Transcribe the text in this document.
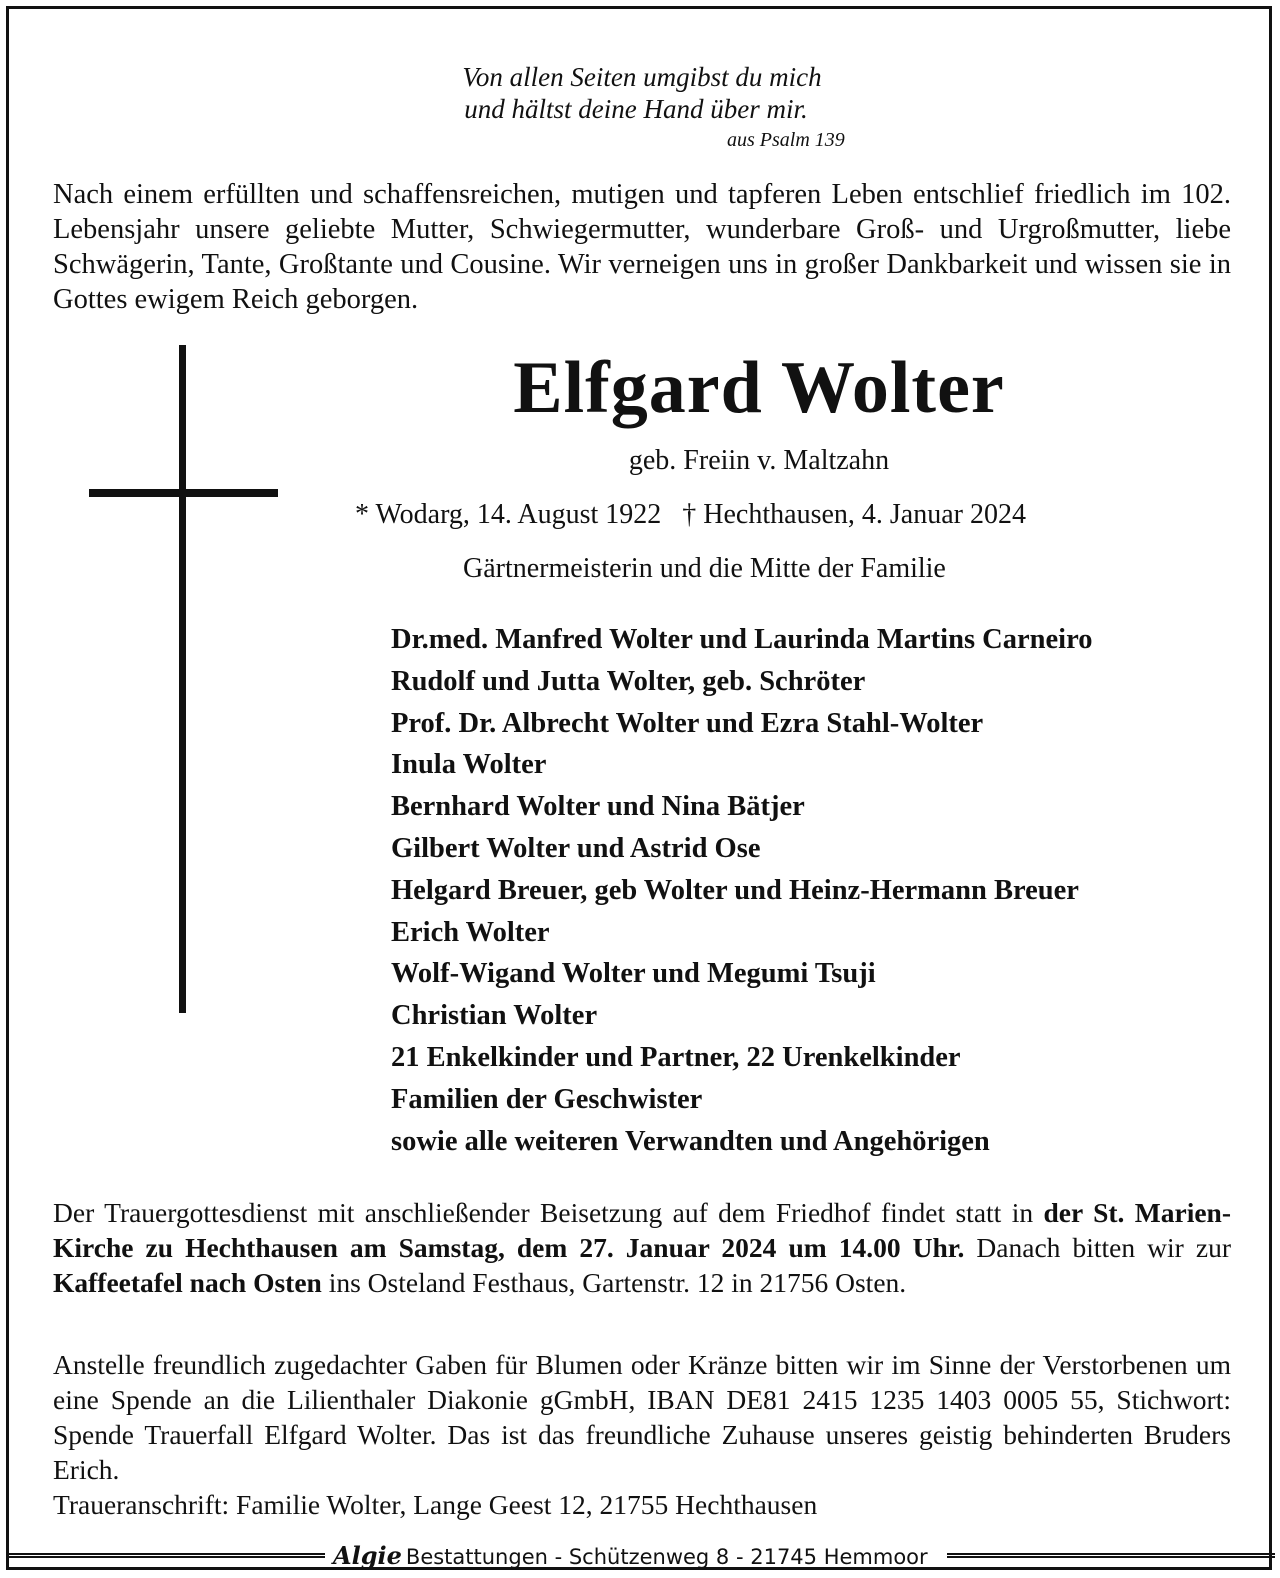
Von allen Seiten umgibst du mich
und hältst deine Hand über mir.
aus Psalm 139
Nach einem erfüllten und schaffensreichen, mutigen und tapferen Leben entschlief friedlich im 102. Lebensjahr unsere geliebte Mutter, Schwiegermutter, wunderbare Groß- und Urgroßmutter, liebe Schwägerin, Tante, Großtante und Cousine. Wir verneigen uns in großer Dankbarkeit und wissen sie in Gottes ewigem Reich geborgen.
Elfgard Wolter
geb. Freiin v. Maltzahn
* Wodarg, 14. August 1922 † Hechthausen, 4. Januar 2024
Gärtnermeisterin und die Mitte der Familie
Dr.med. Manfred Wolter und Laurinda Martins Carneiro
Rudolf und Jutta Wolter, geb. Schröter
Prof. Dr. Albrecht Wolter und Ezra Stahl-Wolter
Inula Wolter
Bernhard Wolter und Nina Bätjer
Gilbert Wolter und Astrid Ose
Helgard Breuer, geb Wolter und Heinz-Hermann Breuer
Erich Wolter
Wolf-Wigand Wolter und Megumi Tsuji
Christian Wolter
21 Enkelkinder und Partner, 22 Urenkelkinder
Familien der Geschwister
sowie alle weiteren Verwandten und Angehörigen
Der Trauergottesdienst mit anschließender Beisetzung auf dem Friedhof findet statt in der St. Marien-Kirche zu Hechthausen am Samstag, dem 27. Januar 2024 um 14.00 Uhr. Danach bitten wir zur Kaffeetafel nach Osten ins Osteland Festhaus, Gartenstr. 12 in 21756 Osten.
Anstelle freundlich zugedachter Gaben für Blumen oder Kränze bitten wir im Sinne der Verstorbenen um eine Spende an die Lilienthaler Diakonie gGmbH, IBAN DE81 2415 1235 1403 0005 55, Stichwort: Spende Trauerfall Elfgard Wolter. Das ist das freundliche Zuhause unseres geistig behinderten Bruders Erich.
Traueranschrift: Familie Wolter, Lange Geest 12, 21755 Hechthausen
Algie Bestattungen - Schützenweg 8 - 21745 Hemmoor
